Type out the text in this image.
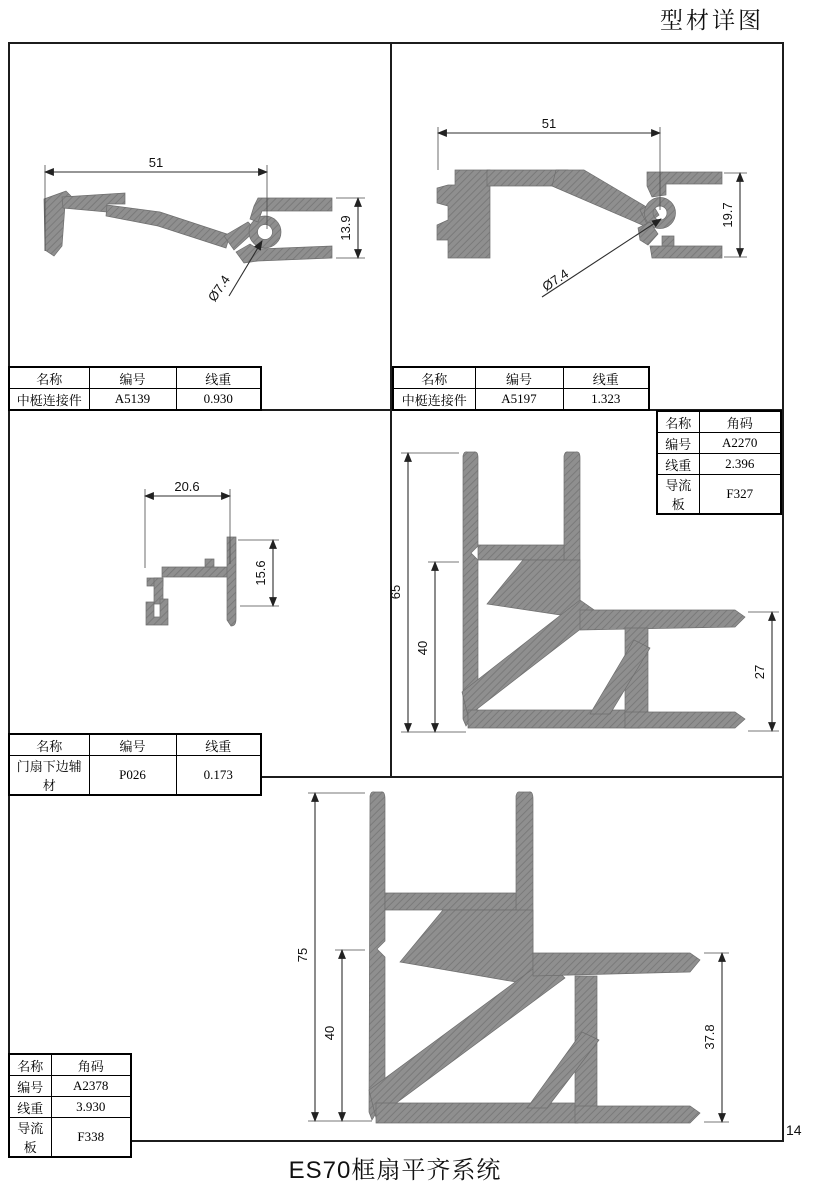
型材详图
51
13.9
Ø7.4
51
19.7
Ø7.4
20.6
15.6
65
40
27
75
40	37.8
名称	编号	线重
中梃连接件	A5139	0.930
名称	编号	线重
中梃连接件	A5197	1.323
名称	编号	线重
门扇下边辅材	P026	0.173
名称	角码
编号	A2270
线重	2.396
导流板	F327
名称	角码
编号	A2378
线重	3.930
导流板	F338
ES70框扇平齐系统
14
